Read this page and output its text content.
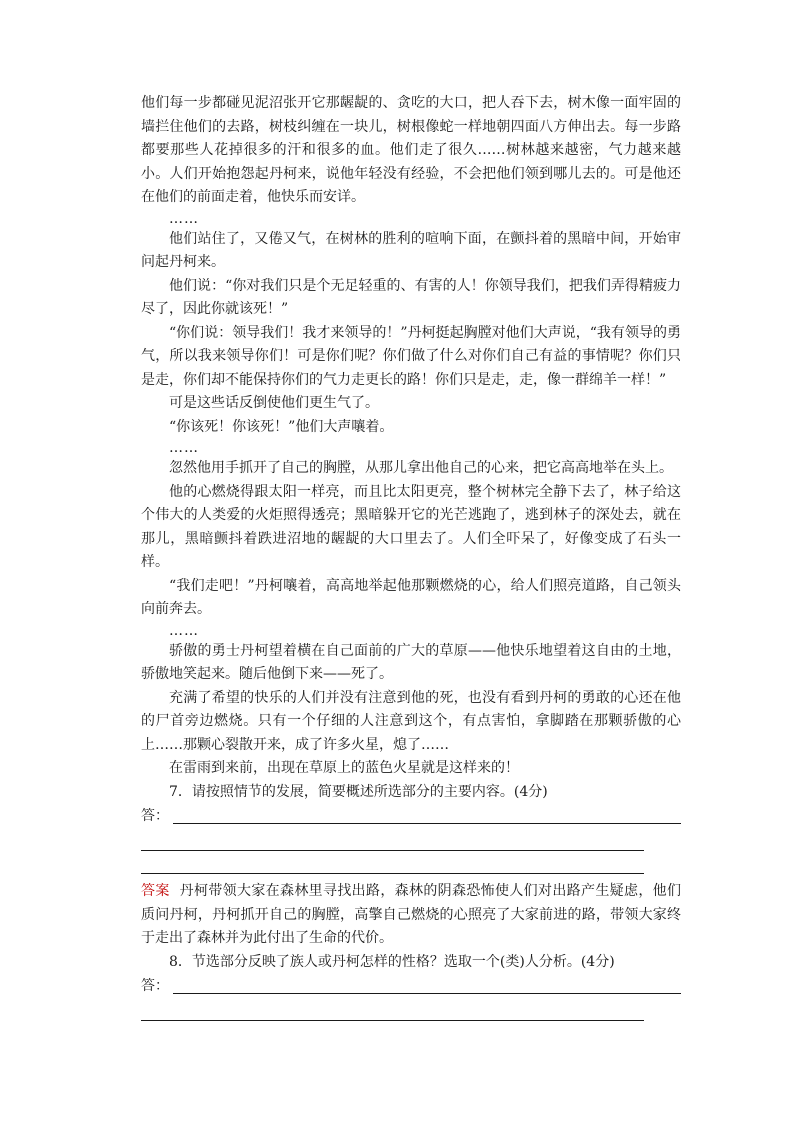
他们每一步都碰见泥沼张开它那龌龊的、贪吃的大口，把人吞下去，树木像一面牢固的墙拦住他们的去路，树枝纠缠在一块儿，树根像蛇一样地朝四面八方伸出去。每一步路都要那些人花掉很多的汗和很多的血。他们走了很久……树林越来越密，气力越来越小。人们开始抱怨起丹柯来，说他年轻没有经验，不会把他们领到哪儿去的。可是他还在他们的前面走着，他快乐而安详。

……

他们站住了，又倦又气，在树林的胜利的喧响下面，在颤抖着的黑暗中间，开始审问起丹柯来。

他们说：“你对我们只是个无足轻重的、有害的人！你领导我们，把我们弄得精疲力尽了，因此你就该死！”

“你们说：领导我们！我才来领导的！”丹柯挺起胸膛对他们大声说，“我有领导的勇气，所以我来领导你们！可是你们呢？你们做了什么对你们自己有益的事情呢？你们只是走，你们却不能保持你们的气力走更长的路！你们只是走，走，像一群绵羊一样！”

可是这些话反倒使他们更生气了。

“你该死！你该死！”他们大声嚷着。

……

忽然他用手抓开了自己的胸膛，从那儿拿出他自己的心来，把它高高地举在头上。

他的心燃烧得跟太阳一样亮，而且比太阳更亮，整个树林完全静下去了，林子给这个伟大的人类爱的火炬照得透亮；黑暗躲开它的光芒逃跑了，逃到林子的深处去，就在那儿，黑暗颤抖着跌进沼地的龌龊的大口里去了。人们全吓呆了，好像变成了石头一样。

“我们走吧！”丹柯嚷着，高高地举起他那颗燃烧的心，给人们照亮道路，自己领头向前奔去。

……

骄傲的勇士丹柯望着横在自己面前的广大的草原——他快乐地望着这自由的土地，骄傲地笑起来。随后他倒下来——死了。

充满了希望的快乐的人们并没有注意到他的死，也没有看到丹柯的勇敢的心还在他的尸首旁边燃烧。只有一个仔细的人注意到这个，有点害怕，拿脚踏在那颗骄傲的心上……那颗心裂散开来，成了许多火星，熄了……

在雷雨到来前，出现在草原上的蓝色火星就是这样来的！

7．请按照情节的发展，简要概述所选部分的主要内容。(4分)

答：

答案 丹柯带领大家在森林里寻找出路，森林的阴森恐怖使人们对出路产生疑虑，他们质问丹柯，丹柯抓开自己的胸膛，高擎自己燃烧的心照亮了大家前进的路，带领大家终于走出了森林并为此付出了生命的代价。

8．节选部分反映了族人或丹柯怎样的性格？选取一个(类)人分析。(4分)

答：
